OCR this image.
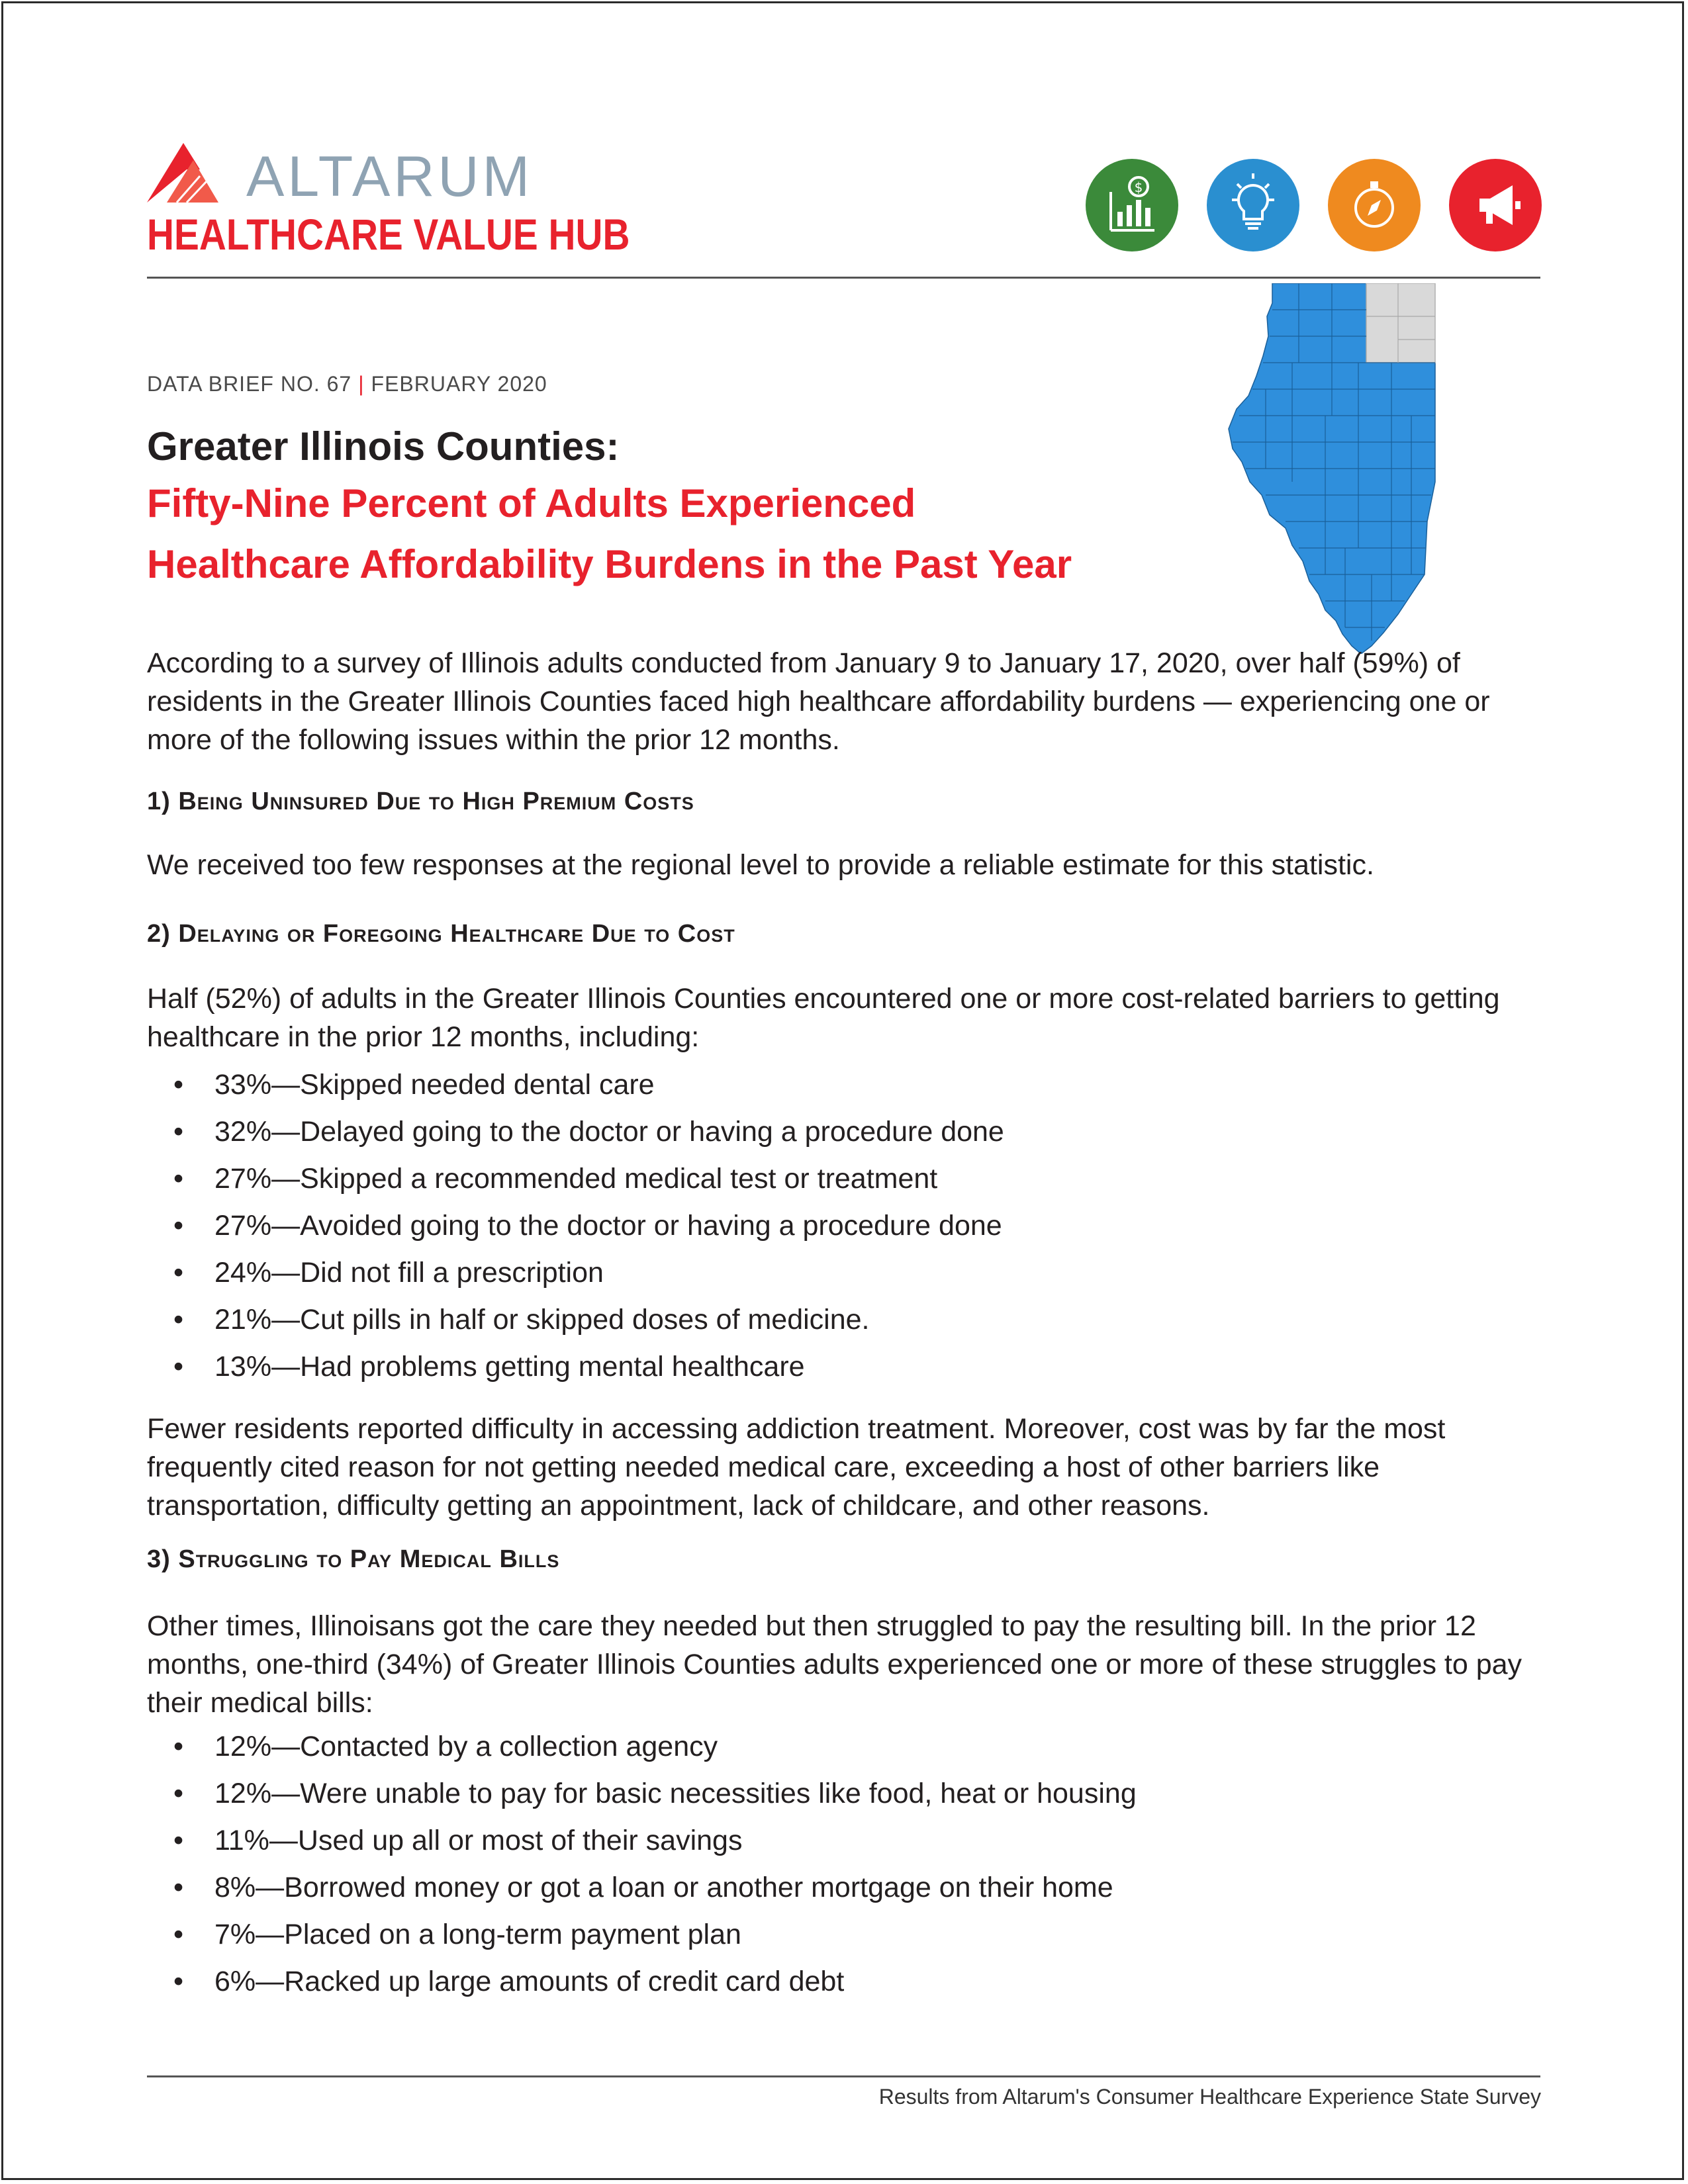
ALTARUM
HEALTHCARE VALUE HUB
$
DATA BRIEF NO. 67 | FEBRUARY 2020
Greater Illinois Counties:
Fifty-Nine Percent of Adults Experienced
Healthcare Affordability Burdens in the Past Year
According to a survey of Illinois adults conducted from January 9 to January 17, 2020, over half (59%) of residents in the Greater Illinois Counties faced high healthcare affordability burdens — experiencing one or more of the following issues within the prior 12 months.
1) Being Uninsured Due to High Premium Costs
We received too few responses at the regional level to provide a reliable estimate for this statistic.
2) Delaying or Foregoing Healthcare Due to Cost
Half (52%) of adults in the Greater Illinois Counties encountered one or more cost-related barriers to getting healthcare in the prior 12 months, including:
• 33%—Skipped needed dental care
• 32%—Delayed going to the doctor or having a procedure done
• 27%—Skipped a recommended medical test or treatment
• 27%—Avoided going to the doctor or having a procedure done
• 24%—Did not fill a prescription
• 21%—Cut pills in half or skipped doses of medicine.
• 13%—Had problems getting mental healthcare
Fewer residents reported difficulty in accessing addiction treatment. Moreover, cost was by far the most frequently cited reason for not getting needed medical care, exceeding a host of other barriers like transportation, difficulty getting an appointment, lack of childcare, and other reasons.
3) Struggling to Pay Medical Bills
Other times, Illinoisans got the care they needed but then struggled to pay the resulting bill. In the prior 12 months, one-third (34%) of Greater Illinois Counties adults experienced one or more of these struggles to pay their medical bills:
• 12%—Contacted by a collection agency
• 12%—Were unable to pay for basic necessities like food, heat or housing
• 11%—Used up all or most of their savings
• 8%—Borrowed money or got a loan or another mortgage on their home
• 7%—Placed on a long-term payment plan
• 6%—Racked up large amounts of credit card debt
Results from Altarum's Consumer Healthcare Experience State Survey
